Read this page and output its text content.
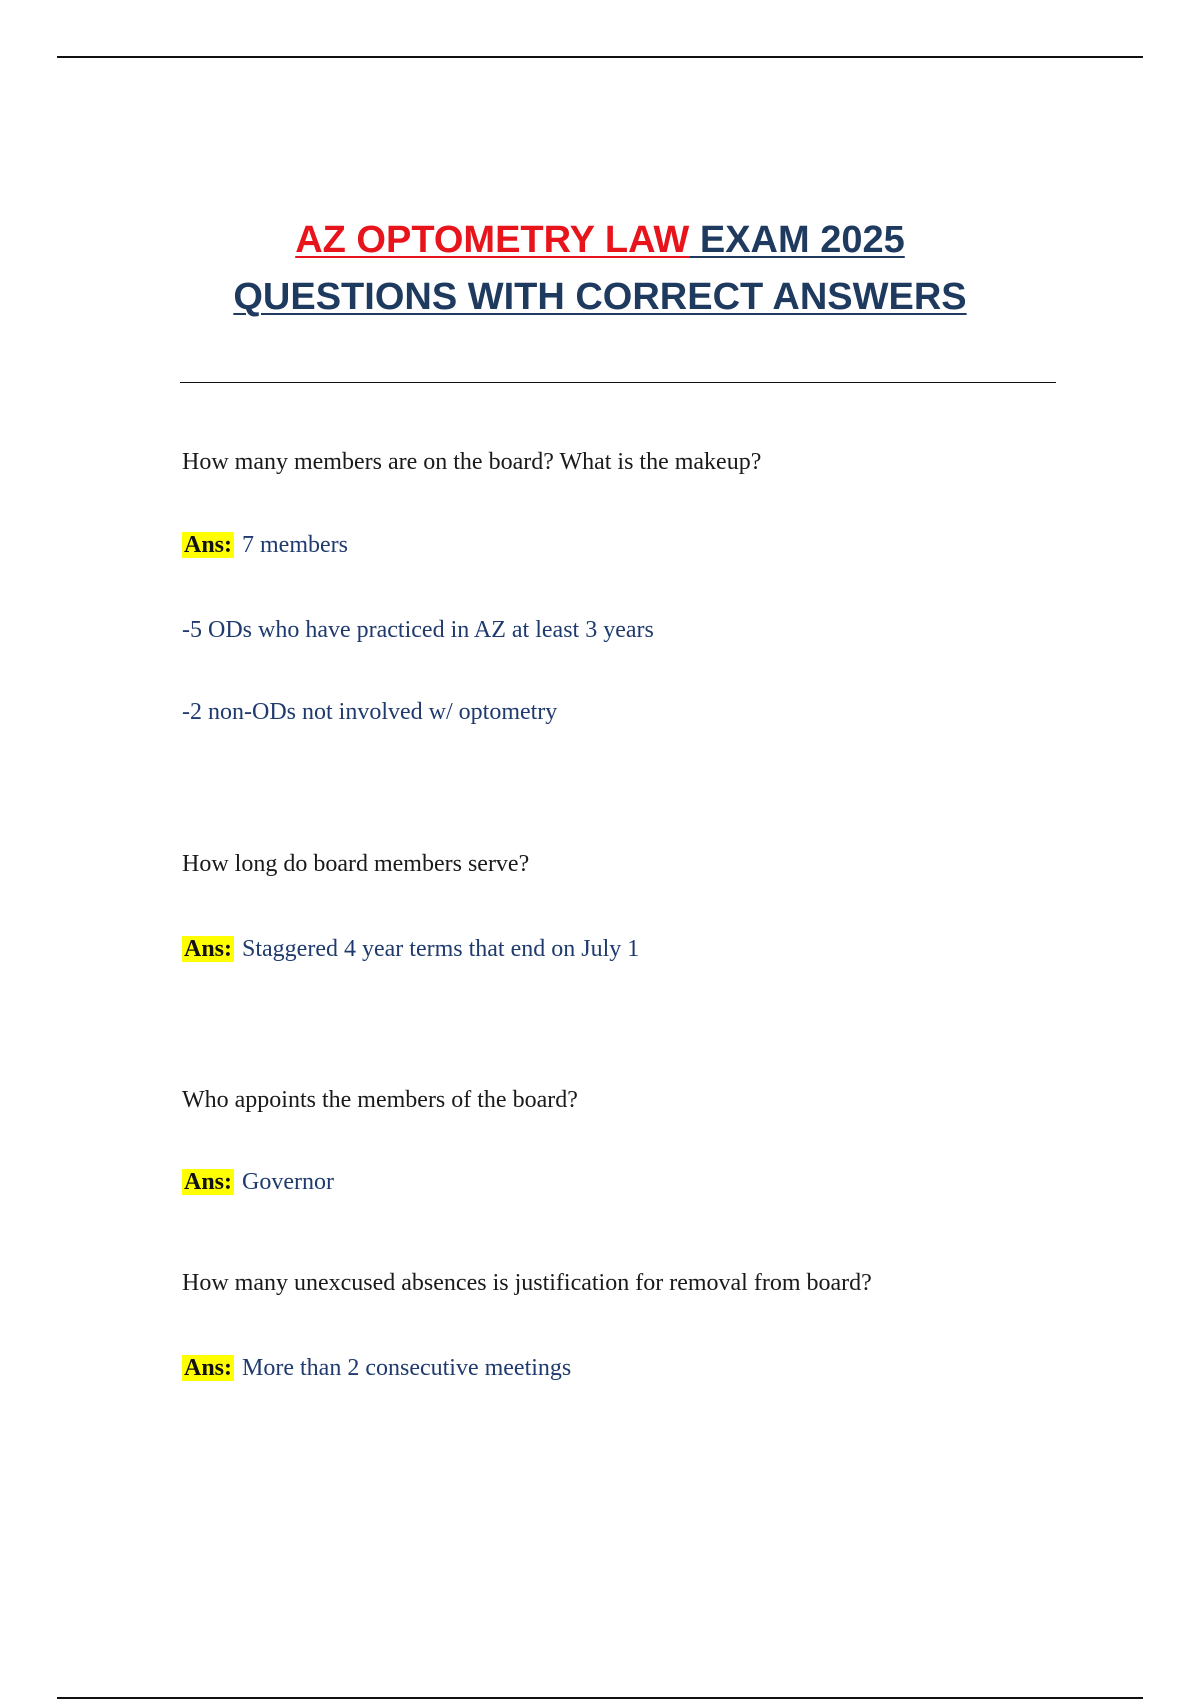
AZ OPTOMETRY LAW EXAM 2025
QUESTIONS WITH CORRECT ANSWERS
How many members are on the board? What is the makeup?
Ans: 7 members
-5 ODs who have practiced in AZ at least 3 years
-2 non-ODs not involved w/ optometry
How long do board members serve?
Ans: Staggered 4 year terms that end on July 1
Who appoints the members of the board?
Ans: Governor
How many unexcused absences is justification for removal from board?
Ans: More than 2 consecutive meetings
